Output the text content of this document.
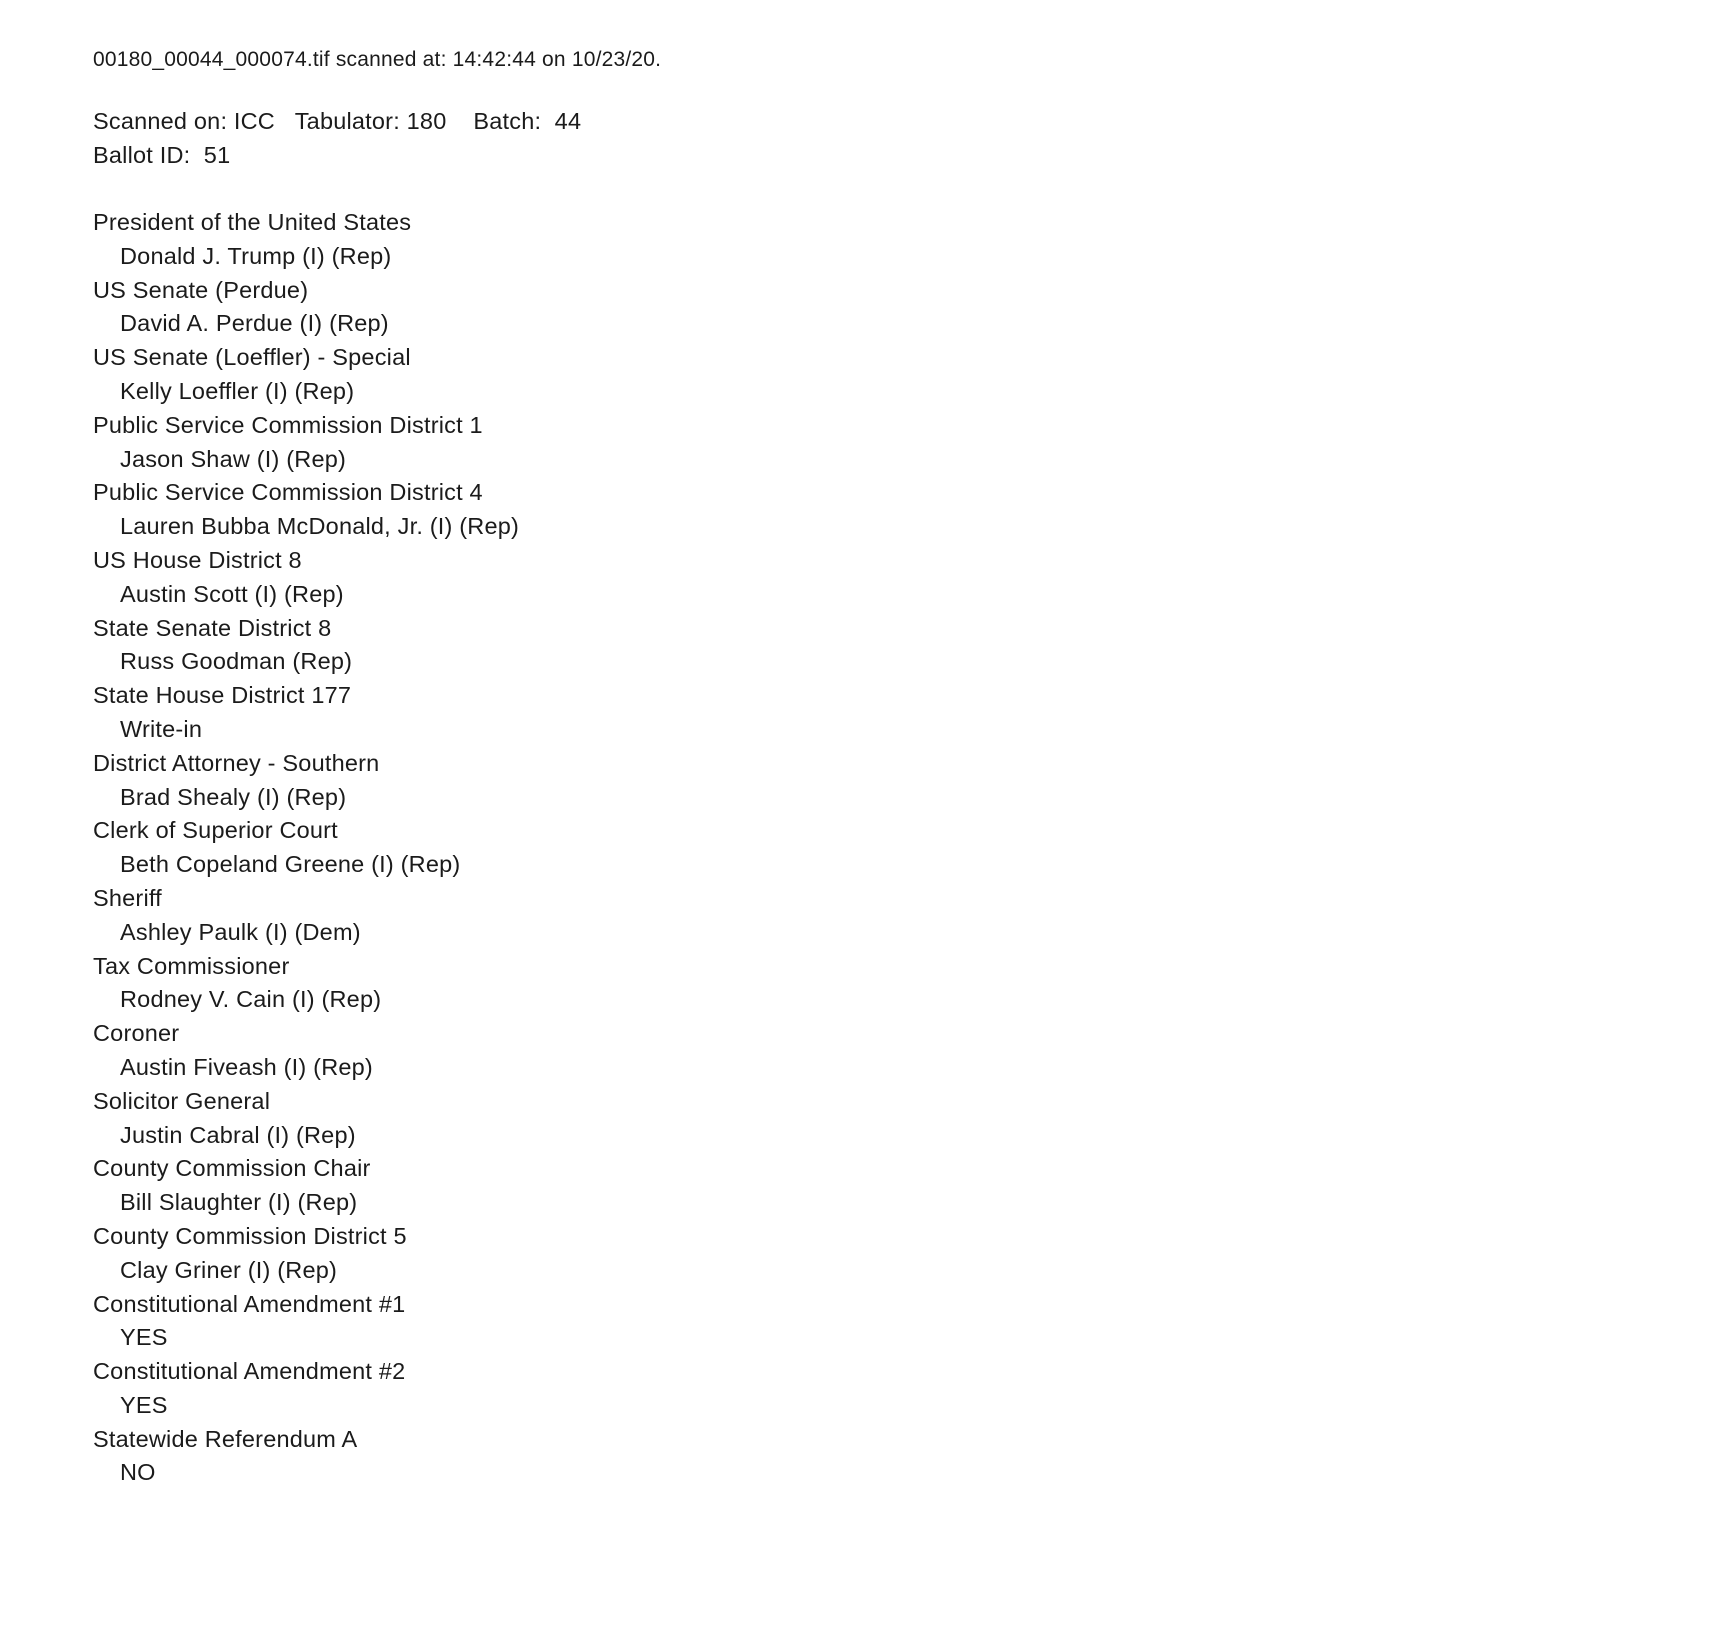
00180_00044_000074.tif scanned at: 14:42:44 on 10/23/20.

Scanned on: ICC   Tabulator: 180    Batch:  44

Ballot ID:  51

President of the United States
Donald J. Trump (I) (Rep)
US Senate (Perdue)
David A. Perdue (I) (Rep)
US Senate (Loeffler) - Special
Kelly Loeffler (I) (Rep)
Public Service Commission District 1
Jason Shaw (I) (Rep)
Public Service Commission District 4
Lauren Bubba McDonald, Jr. (I) (Rep)
US House District 8
Austin Scott (I) (Rep)
State Senate District 8
Russ Goodman (Rep)
State House District 177
Write-in
District Attorney - Southern
Brad Shealy (I) (Rep)
Clerk of Superior Court
Beth Copeland Greene (I) (Rep)
Sheriff
Ashley Paulk (I) (Dem)
Tax Commissioner
Rodney V. Cain (I) (Rep)
Coroner
Austin Fiveash (I) (Rep)
Solicitor General
Justin Cabral (I) (Rep)
County Commission Chair
Bill Slaughter (I) (Rep)
County Commission District 5
Clay Griner (I) (Rep)
Constitutional Amendment #1
YES
Constitutional Amendment #2
YES
Statewide Referendum A
NO
